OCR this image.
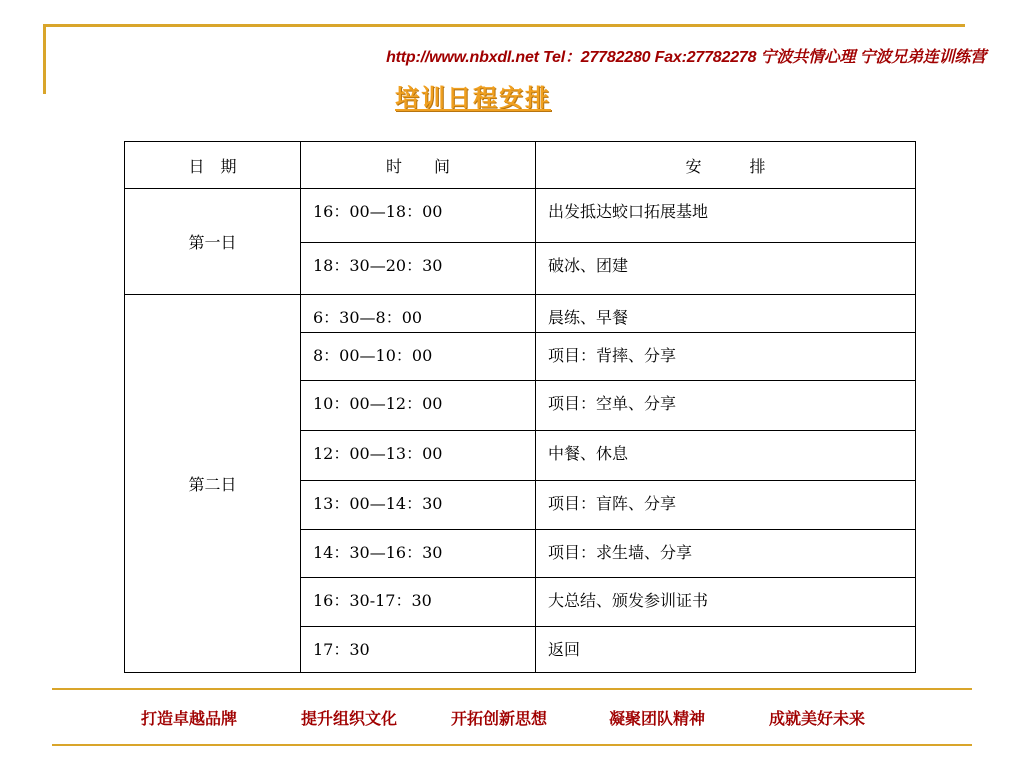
http://www.nbxdl.net Tel：27782280 Fax:27782278 宁波共情心理 宁波兄弟连训练营
培训日程安排
日　期	时　　间	安　　　排
第一日	16：00—18：00	出发抵达蛟口拓展基地
	18：30—20：30	破冰、团建
第二日	6：30—8：00	晨练、早餐
	8：00—10：00	项目：背摔、分享
	10：00—12：00	项目：空单、分享
	12：00—13：00	中餐、休息
	13：00—14：30	项目：盲阵、分享
	14：30—16：30	项目：求生墙、分享
	16：30-17：30	大总结、颁发参训证书
	17：30	返回
打造卓越品牌	提升组织文化	开拓创新思想	凝聚团队精神	成就美好未来
